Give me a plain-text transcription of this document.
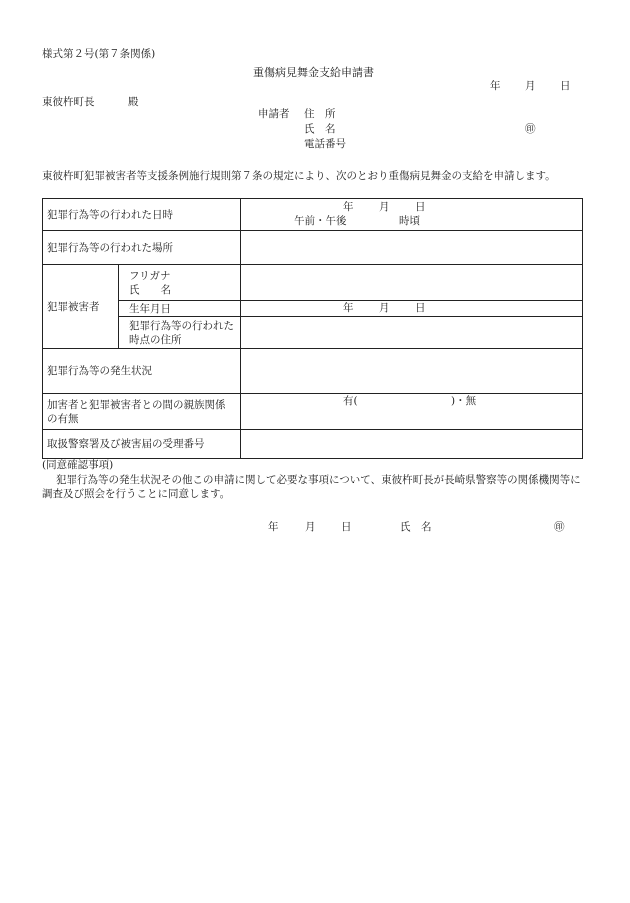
様式第２号(第７条関係)
重傷病見舞金支給申請書
年 月 日
東彼杵町長	殿
申請者 住　所
氏　名	㊞
電話番号
東彼杵町犯罪被害者等支援条例施行規則第７条の規定により、次のとおり重傷病見舞金の支給を申請します。
犯罪行為等の行われた日時		年 月 日
午前・午後 時頃

犯罪行為等の行われた場所		
犯罪被害者	フリガナ
氏　　名	

	生年月日	年 月 日

	犯罪行為等の行われた時点の住所	
犯罪行為等の発生状況		
加害者と犯罪被害者との間の親族関係の有無		有( )・無

取扱警察署及び被害届の受理番号		
(同意確認事項)
犯罪行為等の発生状況その他この申請に関して必要な事項について、東彼杵町長が長崎県警察等の関係機関等に調査及び照会を行うことに同意します。
年	月 日	氏　名	㊞
